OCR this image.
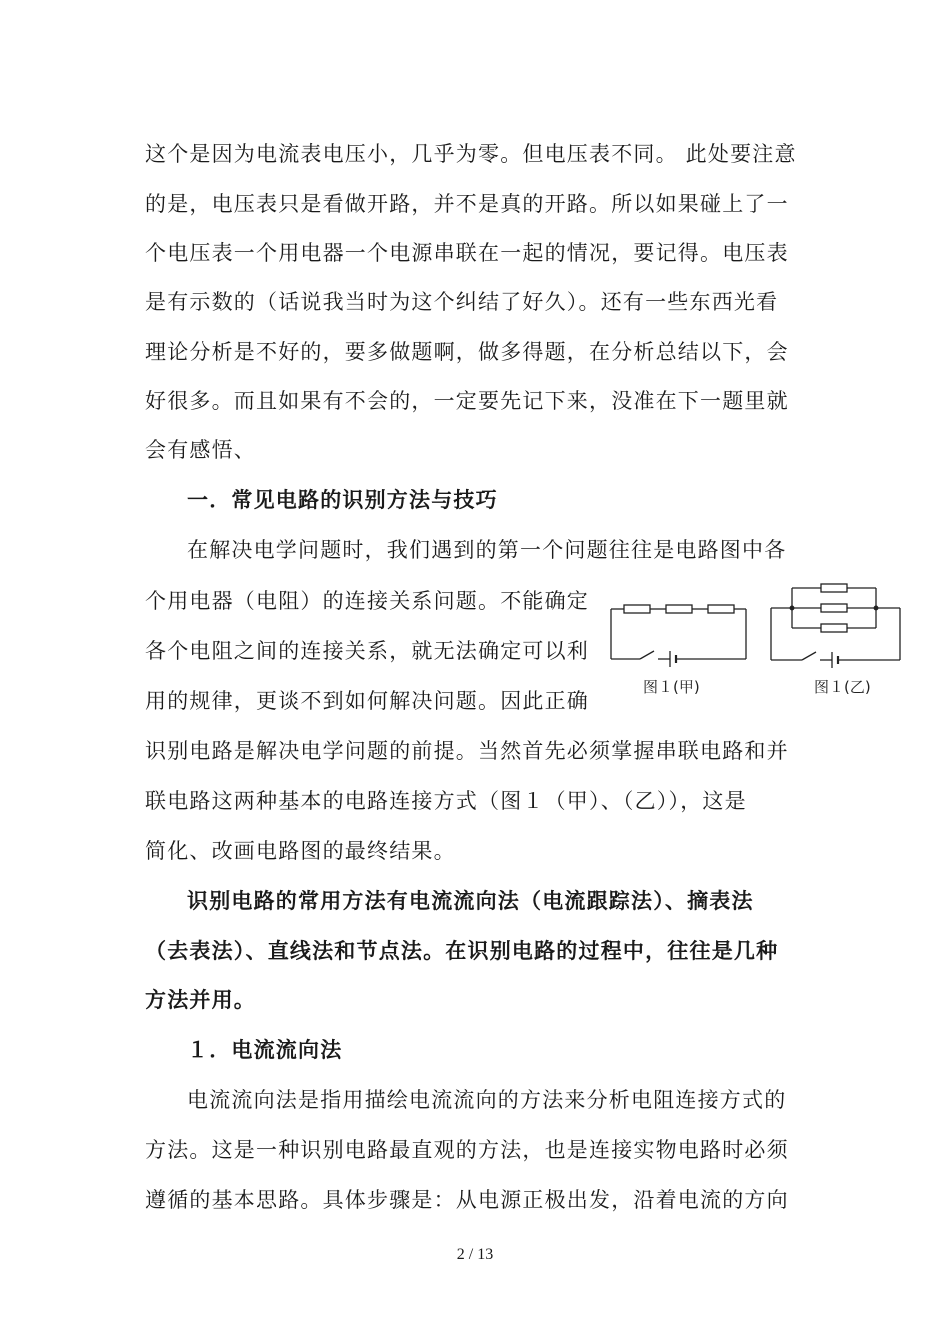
这个是因为电流表电压小，几乎为零。但电压表不同。 此处要注意
的是，电压表只是看做开路，并不是真的开路。所以如果碰上了一
个电压表一个用电器一个电源串联在一起的情况，要记得。电压表
是有示数的（话说我当时为这个纠结了好久）。还有一些东西光看
理论分析是不好的，要多做题啊，做多得题，在分析总结以下，会
好很多。而且如果有不会的，一定要先记下来，没准在下一题里就
会有感悟、
一．常见电路的识别方法与技巧
在解决电学问题时，我们遇到的第一个问题往往是电路图中各
个用电器（电阻）的连接关系问题。不能确定
各个电阻之间的连接关系，就无法确定可以利
用的规律，更谈不到如何解决问题。因此正确
识别电路是解决电学问题的前提。当然首先必须掌握串联电路和并
联电路这两种基本的电路连接方式（图１（甲）、（乙）），这是
简化、改画电路图的最终结果。
图１(甲)	图１(乙)
识别电路的常用方法有电流流向法（电流跟踪法）、摘表法
（去表法）、直线法和节点法。在识别电路的过程中，往往是几种
方法并用。
１．电流流向法
电流流向法是指用描绘电流流向的方法来分析电阻连接方式的
方法。这是一种识别电路最直观的方法，也是连接实物电路时必须
遵循的基本思路。具体步骤是：从电源正极出发，沿着电流的方向
2 / 13
